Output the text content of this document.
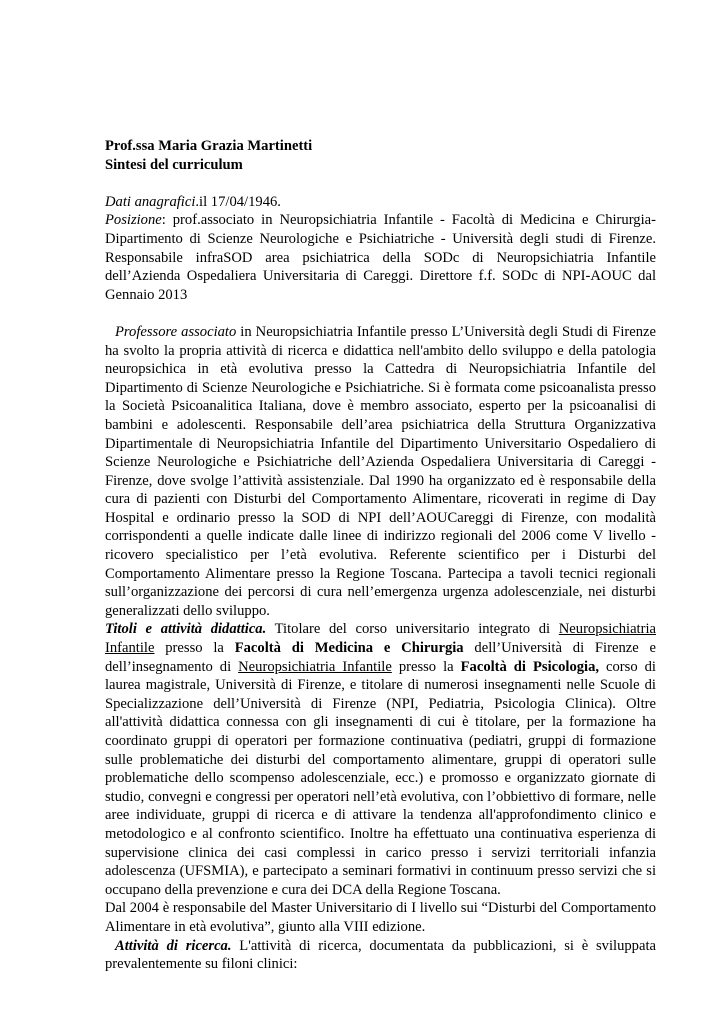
Prof.ssa Maria Grazia Martinetti

Sintesi del curriculum

Dati anagrafici.il 17/04/1946.

Posizione: prof.associato in Neuropsichiatria Infantile - Facoltà di Medicina e Chirurgia-Dipartimento di Scienze Neurologiche e Psichiatriche - Università degli studi di Firenze. Responsabile infraSOD area psichiatrica della SODc di Neuropsichiatria Infantile dell’Azienda Ospedaliera Universitaria di Careggi. Direttore f.f. SODc di NPI-AOUC dal Gennaio 2013

Professore associato in Neuropsichiatria Infantile presso L’Università degli Studi di Firenze ha svolto la propria attività di ricerca e didattica nell'ambito dello sviluppo e della patologia neuropsichica in età evolutiva presso la Cattedra di Neuropsichiatria Infantile del Dipartimento di Scienze Neurologiche e Psichiatriche. Si è formata come psicoanalista presso la Società Psicoanalitica Italiana, dove è membro associato, esperto per la psicoanalisi di bambini e adolescenti. Responsabile dell’area psichiatrica della Struttura Organizzativa Dipartimentale di Neuropsichiatria Infantile del Dipartimento Universitario Ospedaliero di Scienze Neurologiche e Psichiatriche dell’Azienda Ospedaliera Universitaria di Careggi - Firenze, dove svolge l’attività assistenziale. Dal 1990 ha organizzato ed è responsabile della cura di pazienti con Disturbi del Comportamento Alimentare, ricoverati in regime di Day Hospital e ordinario presso la SOD di NPI dell’AOUCareggi di Firenze, con modalità corrispondenti a quelle indicate dalle linee di indirizzo regionali del 2006 come V livello - ricovero specialistico per l’età evolutiva. Referente scientifico per i Disturbi del Comportamento Alimentare presso la Regione Toscana. Partecipa a tavoli tecnici regionali sull’organizzazione dei percorsi di cura nell’emergenza urgenza adolescenziale, nei disturbi generalizzati dello sviluppo.

Titoli e attività didattica. Titolare del corso universitario integrato di Neuropsichiatria Infantile presso la Facoltà di Medicina e Chirurgia dell’Università di Firenze e dell’insegnamento di Neuropsichiatria Infantile presso la Facoltà di Psicologia, corso di laurea magistrale, Università di Firenze, e titolare di numerosi insegnamenti nelle Scuole di Specializzazione dell’Università di Firenze (NPI, Pediatria, Psicologia Clinica). Oltre all'attività didattica connessa con gli insegnamenti di cui è titolare, per la formazione ha coordinato gruppi di operatori per formazione continuativa (pediatri, gruppi di formazione sulle problematiche dei disturbi del comportamento alimentare, gruppi di operatori sulle problematiche dello scompenso adolescenziale, ecc.) e promosso e organizzato giornate di studio, convegni e congressi per operatori nell’età evolutiva, con l’obbiettivo di formare, nelle aree individuate, gruppi di ricerca e di attivare la tendenza all'approfondimento clinico e metodologico e al confronto scientifico. Inoltre ha effettuato una continuativa esperienza di supervisione clinica dei casi complessi in carico presso i servizi territoriali infanzia adolescenza (UFSMIA), e partecipato a seminari formativi in continuum presso servizi che si occupano della prevenzione e cura dei DCA della Regione Toscana.

Dal 2004 è responsabile del Master Universitario di I livello sui “Disturbi del Comportamento Alimentare in età evolutiva”, giunto alla VIII edizione.

Attività di ricerca. L'attività di ricerca, documentata da pubblicazioni, si è sviluppata prevalentemente su filoni clinici:
